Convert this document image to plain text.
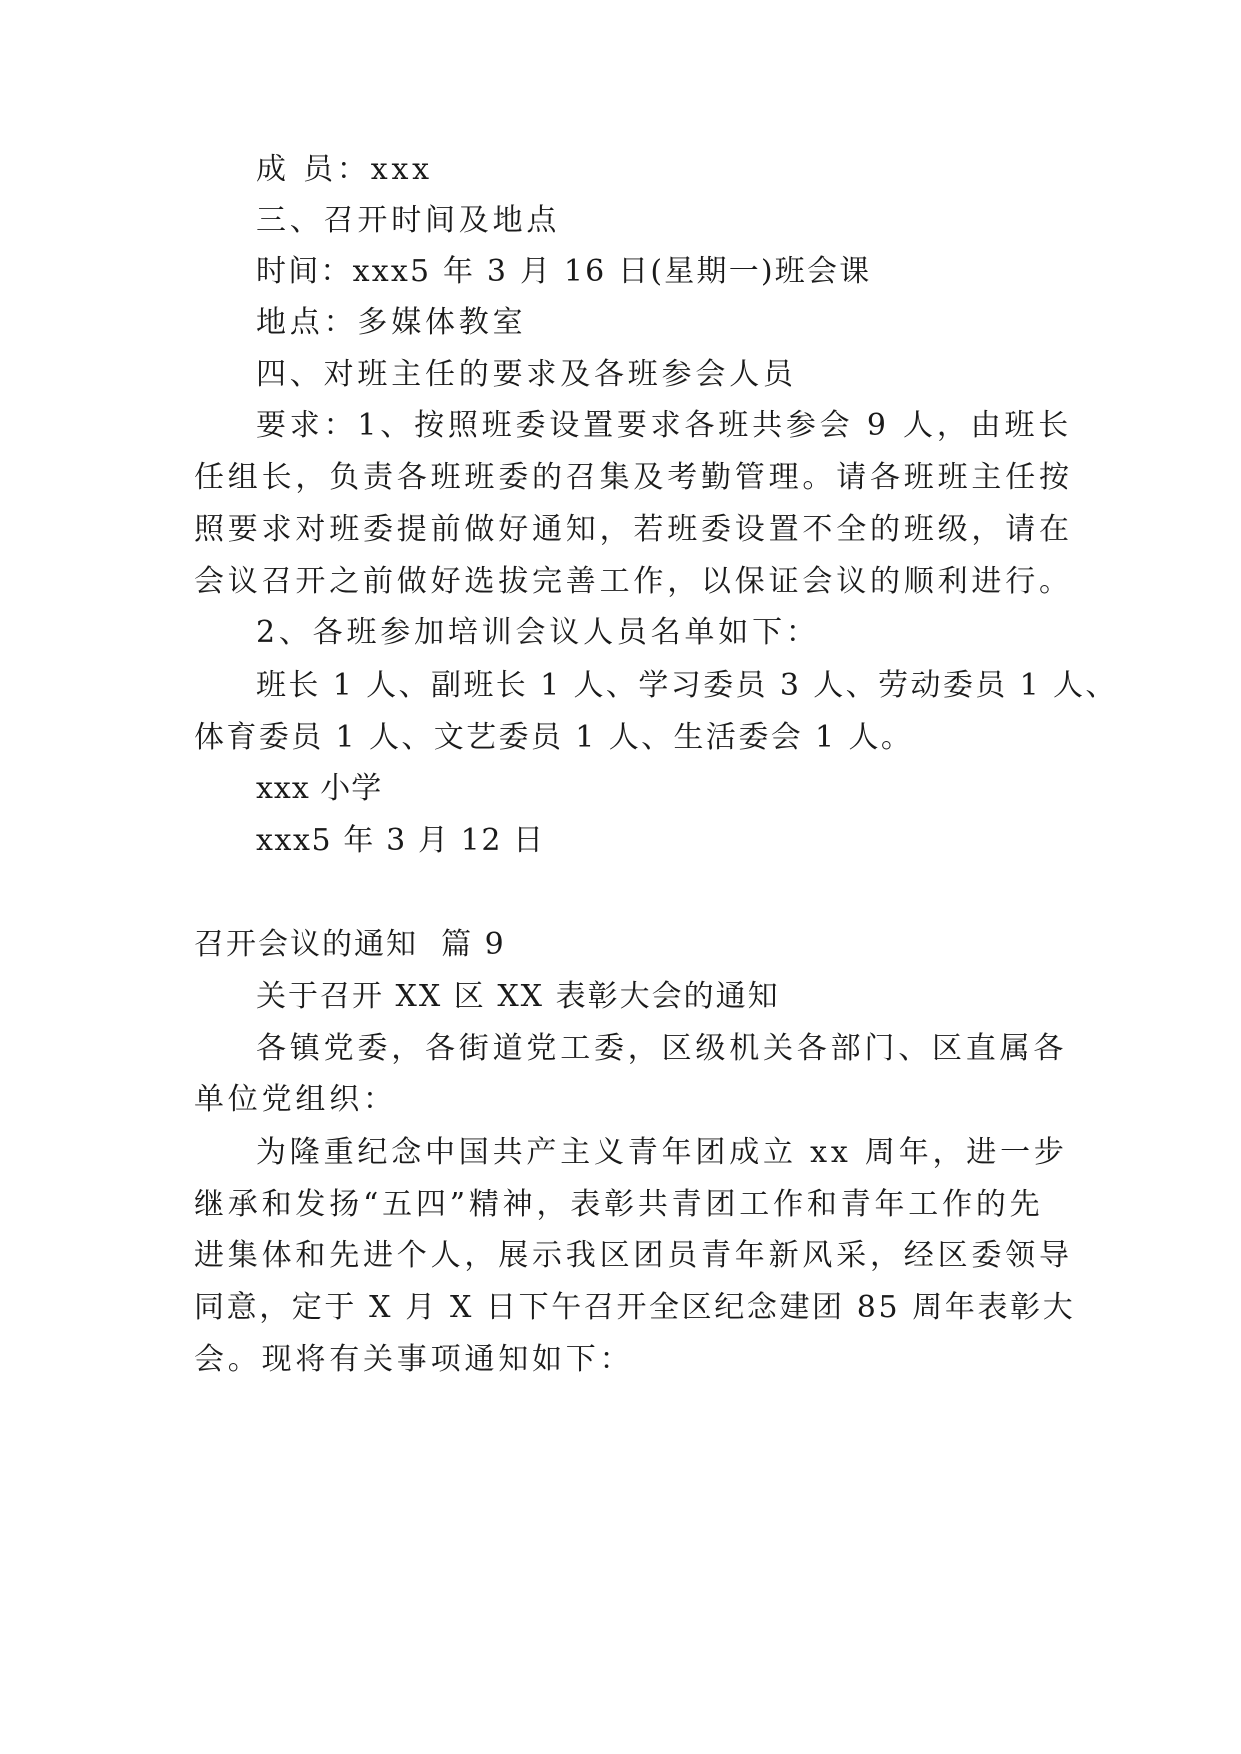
成 员：xxx
三、召开时间及地点
时间：xxx5 年 3 月 16 日(星期一)班会课
地点：多媒体教室
四、对班主任的要求及各班参会人员
要求：1、按照班委设置要求各班共参会 9 人，由班长
任组长，负责各班班委的召集及考勤管理。请各班班主任按
照要求对班委提前做好通知，若班委设置不全的班级，请在
会议召开之前做好选拔完善工作，以保证会议的顺利进行。
2、各班参加培训会议人员名单如下：
班长 1 人、副班长 1 人、学习委员 3 人、劳动委员 1 人、
体育委员 1 人、文艺委员 1 人、生活委会 1 人。
xxx 小学
xxx5 年 3 月 12 日
召开会议的通知  篇 9
关于召开 XX 区 XX 表彰大会的通知
各镇党委，各街道党工委，区级机关各部门、区直属各
单位党组织：
为隆重纪念中国共产主义青年团成立 xx 周年，进一步
继承和发扬“五四”精神，表彰共青团工作和青年工作的先
进集体和先进个人，展示我区团员青年新风采，经区委领导
同意，定于 X 月 X 日下午召开全区纪念建团 85 周年表彰大
会。现将有关事项通知如下：
